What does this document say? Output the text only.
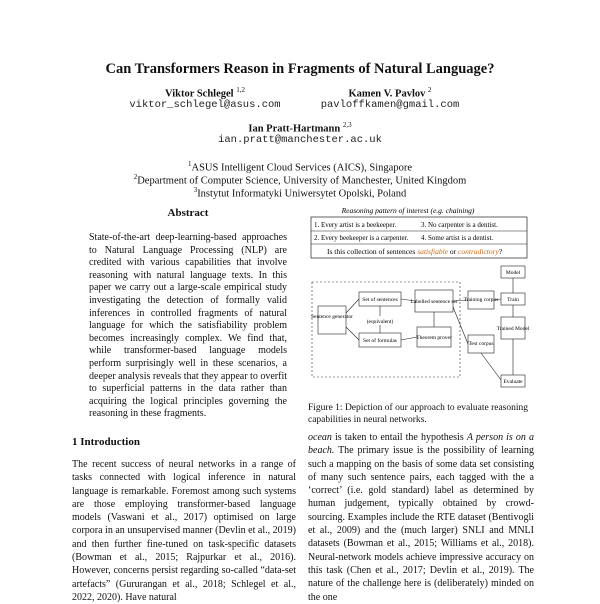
Can Transformers Reason in Fragments of Natural Language?
Viktor Schlegel $^{1,2}$
viktor_schlegel@asus.com
Kamen V. Pavlov $^2$
pavloffkamen@gmail.com
Ian Pratt-Hartmann $^{2,3}$
ian.pratt@manchester.ac.uk
$^1$ASUS Intelligent Cloud Services (AICS), Singapore
$^2$Department of Computer Science, University of Manchester, United Kingdom
$^3$Instytut Informatyki Uniwersytet Opolski, Poland
Abstract
State-of-the-art deep-learning-based approaches to Natural Language Processing (NLP) are credited with various capabilities that involve reasoning with natural language texts. In this paper we carry out a large-scale empirical study investigating the detection of formally valid inferences in controlled fragments of natural language for which the satisfiability problem becomes increasingly complex. We find that, while transformer-based language models perform surprisingly well in these scenarios, a deeper analysis reveals that they appear to overfit to superficial patterns in the data rather than acquiring the logical principles governing the reasoning in these fragments.
Reasoning pattern of interest (e.g. chaining)
1. Every artist is a beekeeper.	3. No carpenter is a dentist.
2. Every beekeeper is a carpenter. 4. Some artist is a dentist.
Is this collection of sentences satisfiable or contradictory?
Sentence generator
Set of sentences
(equivalent)
Set of formulas
Labelled sentence set
Theorem prover
Training corpus
Test corpus
Model
Train
Trained Model
Evaluate
Figure 1: Depiction of our approach to evaluate reasoning capabilities in neural networks.
1 Introduction
The recent success of neural networks in a range of tasks connected with logical inference in natural language is remarkable. Foremost among such systems are those employing transformer-based language models (Vaswani et al., 2017) optimised on large corpora in an unsupervised manner (Devlin et al., 2019) and then further fine-tuned on task-specific datasets (Bowman et al., 2015; Rajpurkar et al., 2016). However, concerns persist regarding so-called “data-set artefacts” (Gururangan et al., 2018; Schlegel et al., 2022, 2020). Have natural
ocean is taken to entail the hypothesis A person is on a beach. The primary issue is the possibility of learning such a mapping on the basis of some data set consisting of many such sentence pairs, each tagged with the a ‘correct’ (i.e. gold standard) label as determined by human judgement, typically obtained by crowd-sourcing. Examples include the RTE dataset (Bentivogli et al., 2009) and the (much larger) SNLI and MNLI datasets (Bowman et al., 2015; Williams et al., 2018). Neural-network models achieve impressive accuracy on this task (Chen et al., 2017; Devlin et al., 2019). The nature of the challenge here is (deliberately) minded on the one
